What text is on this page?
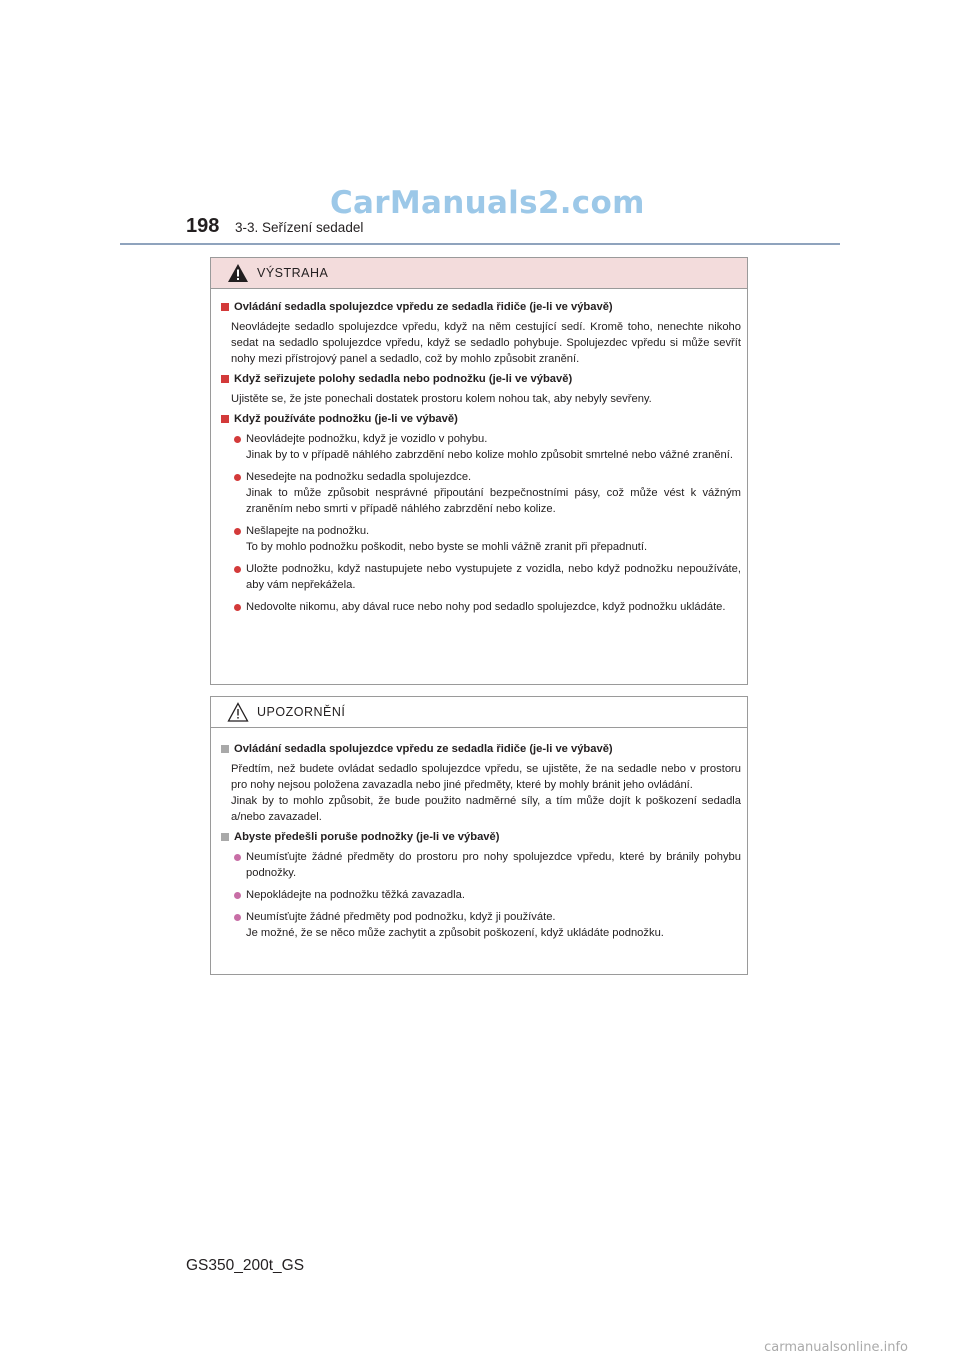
CarManuals2.com
198 3-3. Seřízení sedadel
VÝSTRAHA
Ovládání sedadla spolujezdce vpředu ze sedadla řidiče (je-li ve výbavě)
Neovládejte sedadlo spolujezdce vpředu, když na něm cestující sedí. Kromě toho, nenechte nikoho sedat na sedadlo spolujezdce vpředu, když se sedadlo pohybuje. Spolujezdec vpředu si může sevřít nohy mezi přístrojový panel a sedadlo, což by mohlo způsobit zranění.
Když seřizujete polohy sedadla nebo podnožku (je-li ve výbavě)
Ujistěte se, že jste ponechali dostatek prostoru kolem nohou tak, aby nebyly sevřeny.
Když používáte podnožku (je-li ve výbavě)
Neovládejte podnožku, když je vozidlo v pohybu.
Jinak by to v případě náhlého zabrzdění nebo kolize mohlo způsobit smrtelné nebo vážné zranění.
Nesedejte na podnožku sedadla spolujezdce.
Jinak to může způsobit nesprávné připoutání bezpečnostními pásy, což může vést k vážným zraněním nebo smrti v případě náhlého zabrzdění nebo kolize.
Nešlapejte na podnožku.
To by mohlo podnožku poškodit, nebo byste se mohli vážně zranit při přepadnutí.
Uložte podnožku, když nastupujete nebo vystupujete z vozidla, nebo když podnožku nepoužíváte, aby vám nepřekážela.
Nedovolte nikomu, aby dával ruce nebo nohy pod sedadlo spolujezdce, když podnožku ukládáte.
UPOZORNĚNÍ
Ovládání sedadla spolujezdce vpředu ze sedadla řidiče (je-li ve výbavě)
Předtím, než budete ovládat sedadlo spolujezdce vpředu, se ujistěte, že na sedadle nebo v prostoru pro nohy nejsou položena zavazadla nebo jiné předměty, které by mohly bránit jeho ovládání.
Jinak by to mohlo způsobit, že bude použito nadměrné síly, a tím může dojít k poškození sedadla a/nebo zavazadel.
Abyste předešli poruše podnožky (je-li ve výbavě)
Neumísťujte žádné předměty do prostoru pro nohy spolujezdce vpředu, které by bránily pohybu podnožky.
Nepokládejte na podnožku těžká zavazadla.
Neumísťujte žádné předměty pod podnožku, když ji používáte.
Je možné, že se něco může zachytit a způsobit poškození, když ukládáte podnožku.
GS350_200t_GS
carmanualsonline.info
